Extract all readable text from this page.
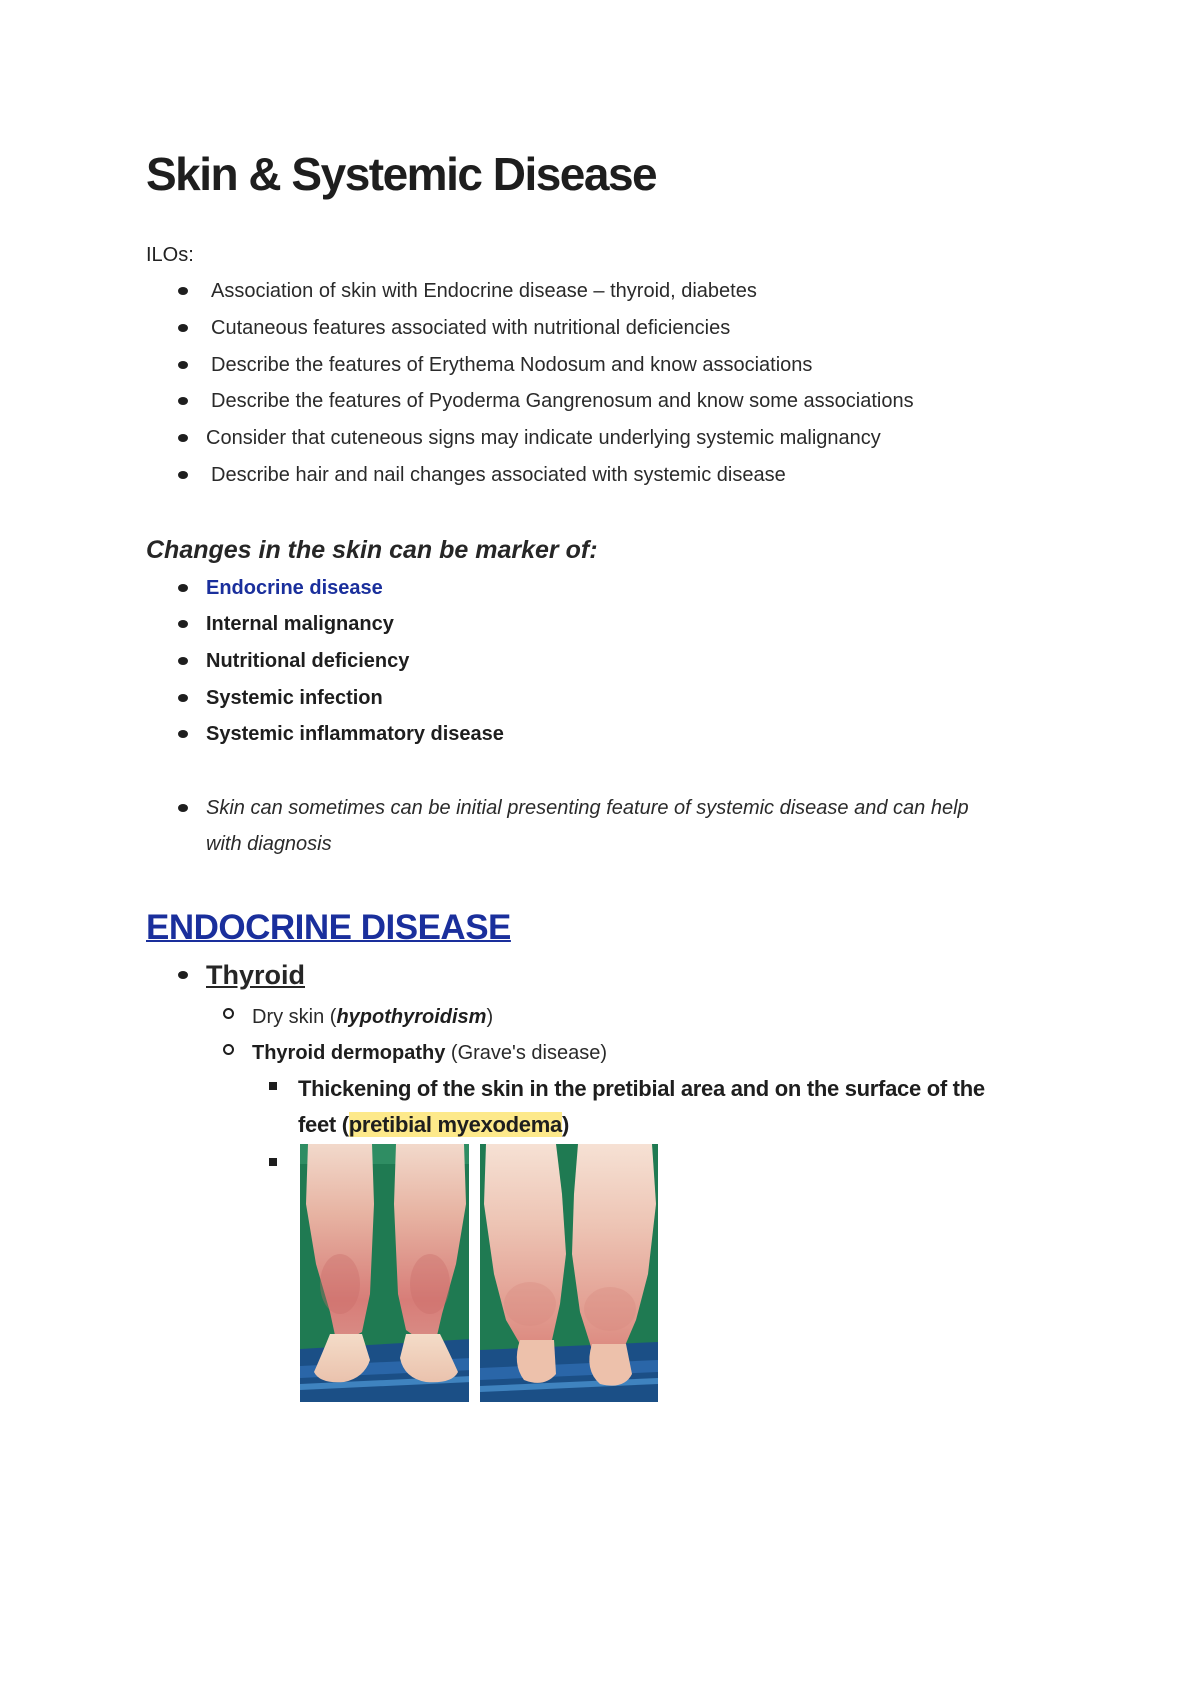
Skin & Systemic Disease

ILOs:

Association of skin with Endocrine disease – thyroid, diabetes
Cutaneous features associated with nutritional deficiencies
Describe the features of Erythema Nodosum and know associations
Describe the features of Pyoderma Gangrenosum and know some associations
Consider that cuteneous signs may indicate underlying systemic malignancy
Describe hair and nail changes associated with systemic disease
Changes in the skin can be marker of:
Endocrine disease
Internal malignancy
Nutritional deficiency
Systemic infection
Systemic inflammatory disease
Skin can sometimes can be initial presenting feature of systemic disease and can help
with diagnosis
ENDOCRINE DISEASE
Thyroid
Dry skin (hypothyroidism)
Thyroid dermopathy (Grave's disease)
Thickening of the skin in the pretibial area and on the surface of the
feet (pretibial myexodema)
